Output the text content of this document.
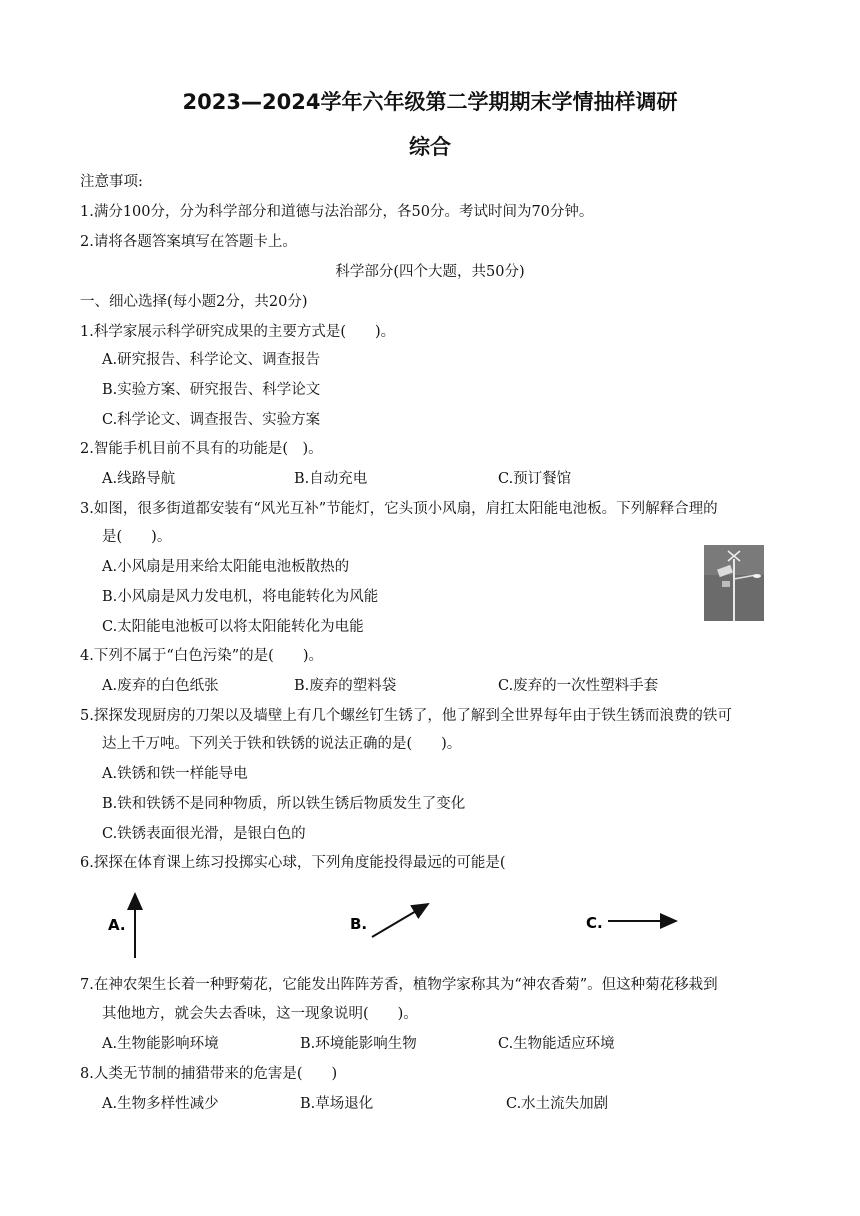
2023—2024学年六年级第二学期期末学情抽样调研
综合
注意事项:
1.满分100分，分为科学部分和道德与法治部分，各50分。考试时间为70分钟。
2.请将各题答案填写在答题卡上。
科学部分(四个大题，共50分)
一、细心选择(每小题2分，共20分)
1.科学家展示科学研究成果的主要方式是(　　)。
A.研究报告、科学论文、调查报告
B.实验方案、研究报告、科学论文
C.科学论文、调查报告、实验方案
2.智能手机目前不具有的功能是(　)。
A.线路导航	B.自动充电	C.预订餐馆
3.如图，很多街道都安装有“风光互补”节能灯，它头顶小风扇，肩扛太阳能电池板。下列解释合理的
是(　　)。
A.小风扇是用来给太阳能电池板散热的
B.小风扇是风力发电机，将电能转化为风能
C.太阳能电池板可以将太阳能转化为电能
4.下列不属于“白色污染”的是(　　)。
A.废弃的白色纸张	B.废弃的塑料袋	C.废弃的一次性塑料手套
5.探探发现厨房的刀架以及墙壁上有几个螺丝钉生锈了，他了解到全世界每年由于铁生锈而浪费的铁可
达上千万吨。下列关于铁和铁锈的说法正确的是(　　)。
A.铁锈和铁一样能导电
B.铁和铁锈不是同种物质，所以铁生锈后物质发生了变化
C.铁锈表面很光滑，是银白色的
6.探探在体育课上练习投掷实心球，下列角度能投得最远的可能是(
A.	B.	C.
7.在神农架生长着一种野菊花，它能发出阵阵芳香，植物学家称其为“神农香菊”。但这种菊花移栽到
其他地方，就会失去香味，这一现象说明(　　)。
A.生物能影响环境	B.环境能影响生物	C.生物能适应环境
8.人类无节制的捕猎带来的危害是(　　)
A.生物多样性减少	B.草场退化	C.水土流失加剧
